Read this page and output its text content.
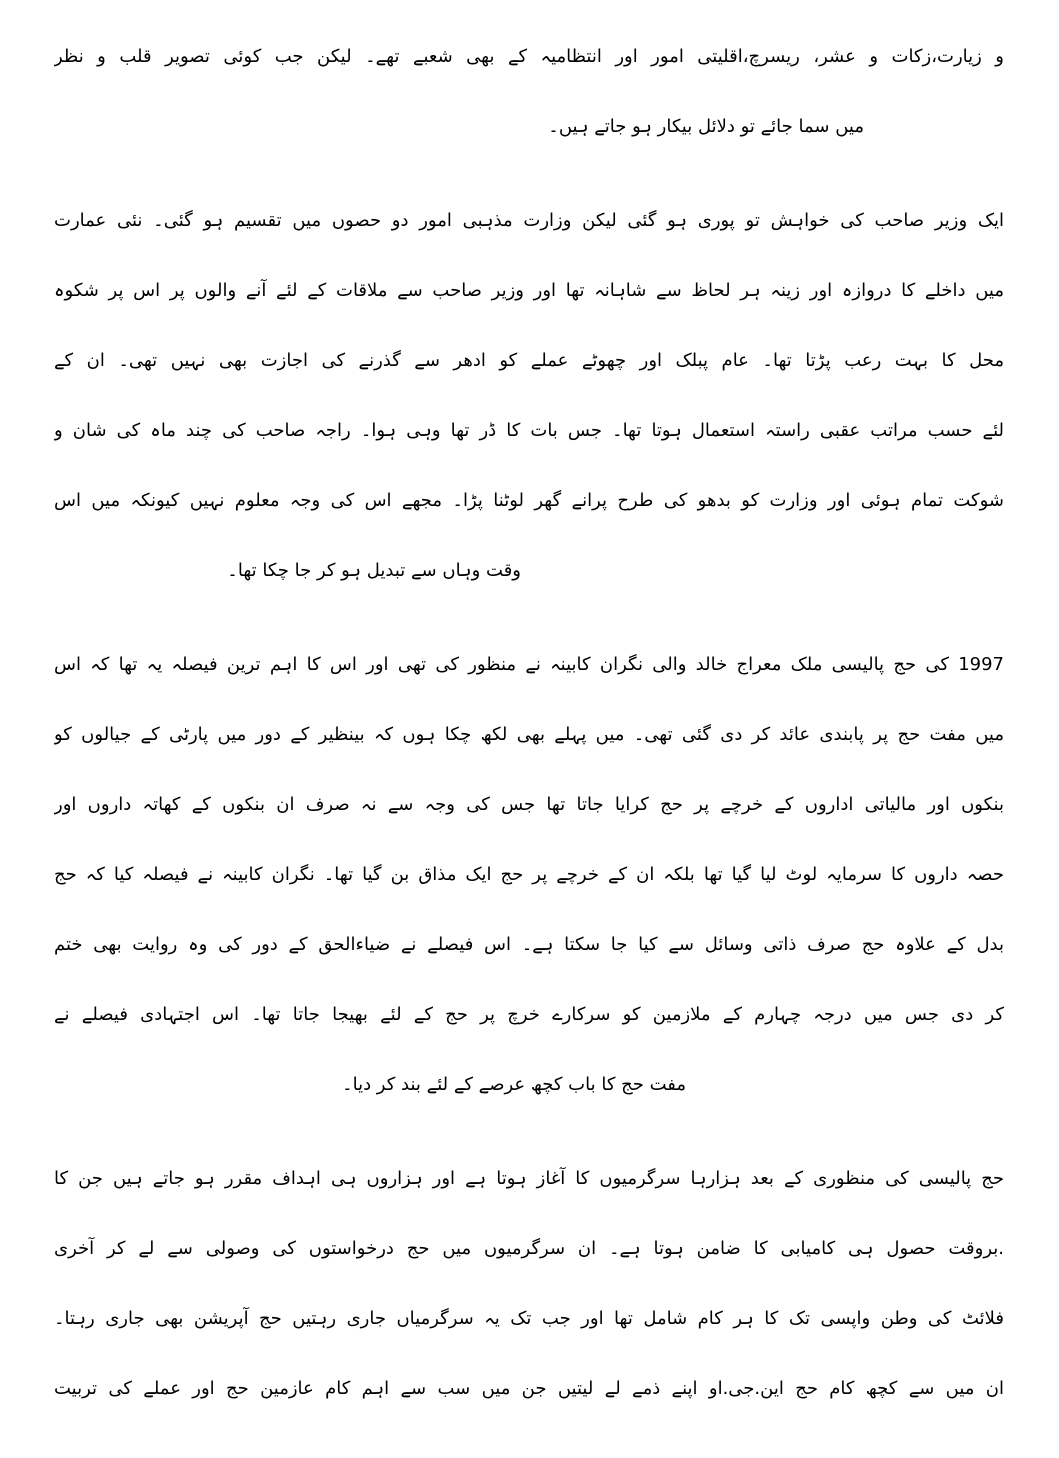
و زیارت،زکات و عشر، ریسرچ،اقلیتی امور اور انتظامیہ کے بھی شعبے تھے۔ لیکن جب کوئی تصویر قلب و نظر
میں سما جائے تو دلائل بیکار ہو جاتے ہیں۔
ایک وزیر صاحب کی خواہش تو پوری ہو گئی لیکن وزارت مذہبی امور دو حصوں میں تقسیم ہو گئی۔ نئی عمارت
میں داخلے کا دروازہ اور زینہ ہر لحاظ سے شاہانہ تھا اور وزیر صاحب سے ملاقات کے لئے آنے والوں پر اس پر شکوہ
محل کا بہت رعب پڑتا تھا۔ عام پبلک اور چھوٹے عملے کو ادھر سے گذرنے کی اجازت بھی نہیں تھی۔ ان کے
لئے حسب مراتب عقبی راستہ استعمال ہوتا تھا۔ جس بات کا ڈر تھا وہی ہوا۔ راجہ صاحب کی چند ماہ کی شان و
شوکت تمام ہوئی اور وزارت کو بدھو کی طرح پرانے گھر لوٹنا پڑا۔ مجھے اس کی وجہ معلوم نہیں کیونکہ میں اس
وقت وہاں سے تبدیل ہو کر جا چکا تھا۔
1997 کی حج پالیسی ملک معراج خالد والی نگران کابینہ نے منظور کی تھی اور اس کا اہم ترین فیصلہ یہ تھا کہ اس
میں مفت حج پر پابندی عائد کر دی گئی تھی۔ میں پہلے بھی لکھ چکا ہوں کہ بینظیر کے دور میں پارٹی کے جیالوں کو
بنکوں اور مالیاتی اداروں کے خرچے پر حج کرایا جاتا تھا جس کی وجہ سے نہ صرف ان بنکوں کے کھاتہ داروں اور
حصہ داروں کا سرمایہ لوٹ لیا گیا تھا بلکہ ان کے خرچے پر حج ایک مذاق بن گیا تھا۔ نگران کابینہ نے فیصلہ کیا کہ حج
بدل کے علاوہ حج صرف ذاتی وسائل سے کیا جا سکتا ہے۔ اس فیصلے نے ضیاءالحق کے دور کی وہ روایت بھی ختم
کر دی جس میں درجہ چہارم کے ملازمین کو سرکارے خرچ پر حج کے لئے بھیجا جاتا تھا۔ اس اجتہادی فیصلے نے
مفت حج کا باب کچھ عرصے کے لئے بند کر دیا۔
حج پالیسی کی منظوری کے بعد ہزارہا سرگرمیوں کا آغاز ہوتا ہے اور ہزاروں ہی اہداف مقرر ہو جاتے ہیں جن کا
.بروقت حصول ہی کامیابی کا ضامن ہوتا ہے۔ ان سرگرمیوں میں حج درخواستوں کی وصولی سے لے کر آخری
فلائٹ کی وطن واپسی تک کا ہر کام شامل تھا اور جب تک یہ سرگرمیاں جاری رہتیں حج آپریشن بھی جاری رہتا۔
ان میں سے کچھ کام حج این.جی.او اپنے ذمے لے لیتیں جن میں سب سے اہم کام عازمین حج اور عملے کی تربیت
